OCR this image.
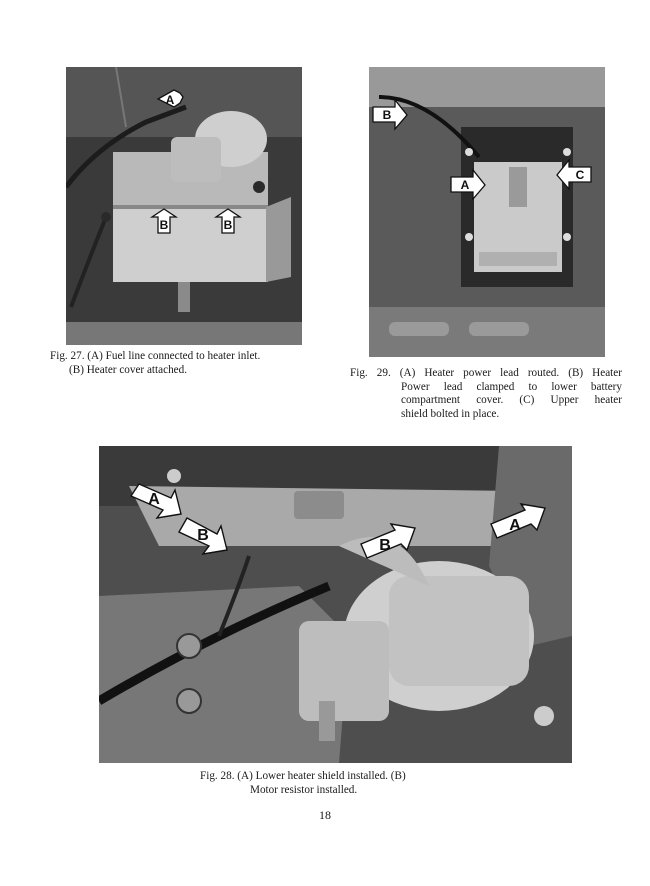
A
B	B
Fig. 27. (A) Fuel line connected to heater inlet.
(B) Heater cover attached.
B
A
C
Fig. 29. (A) Heater power lead routed. (B) Heater
Power lead clamped to lower battery
compartment cover. (C) Upper heater
shield bolted in place.
A
B
B
A
Fig. 28. (A) Lower heater shield installed. (B)
Motor resistor installed.
18
